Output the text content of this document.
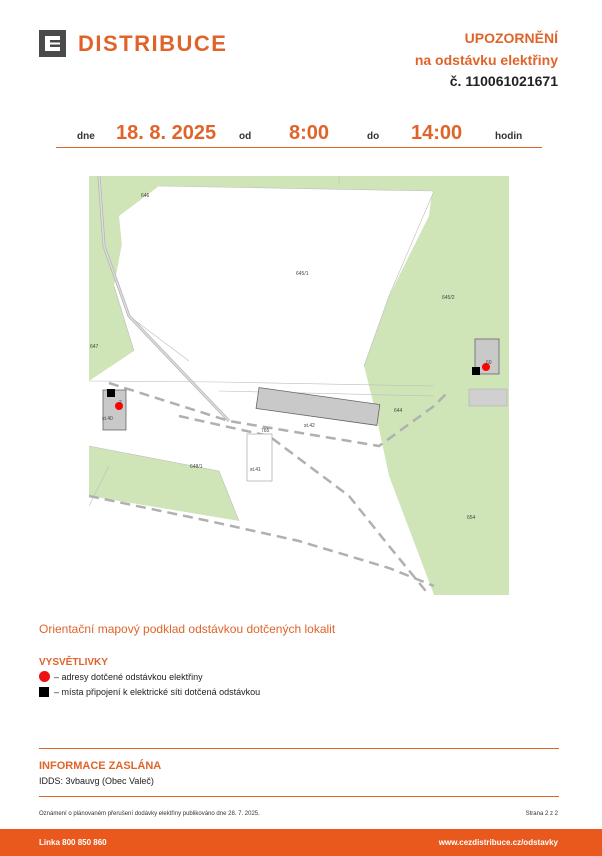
DISTRIBUCE	UPOZORNĚNÍ
na odstávku elektřiny
č. 110061021671
dne 18. 8. 2025 od 8:00	do 14:00	hodin
646
645/1
645/2
647
644
765
648/1
654
st.40
st.42
st.41
2
60
Orientační mapový podklad odstávkou dotčených lokalit
VYSVĚTLIVKY
– adresy dotčené odstávkou elektřiny
– místa připojení k elektrické síti dotčená odstávkou
INFORMACE ZASLÁNA
IDDS: 3vbauvg (Obec Valeč)
Oznámení o plánovaném přerušení dodávky elektřiny publikováno dne 28. 7. 2025.	Strana 2 z 2
Linka 800 850 860	www.cezdistribuce.cz/odstavky
